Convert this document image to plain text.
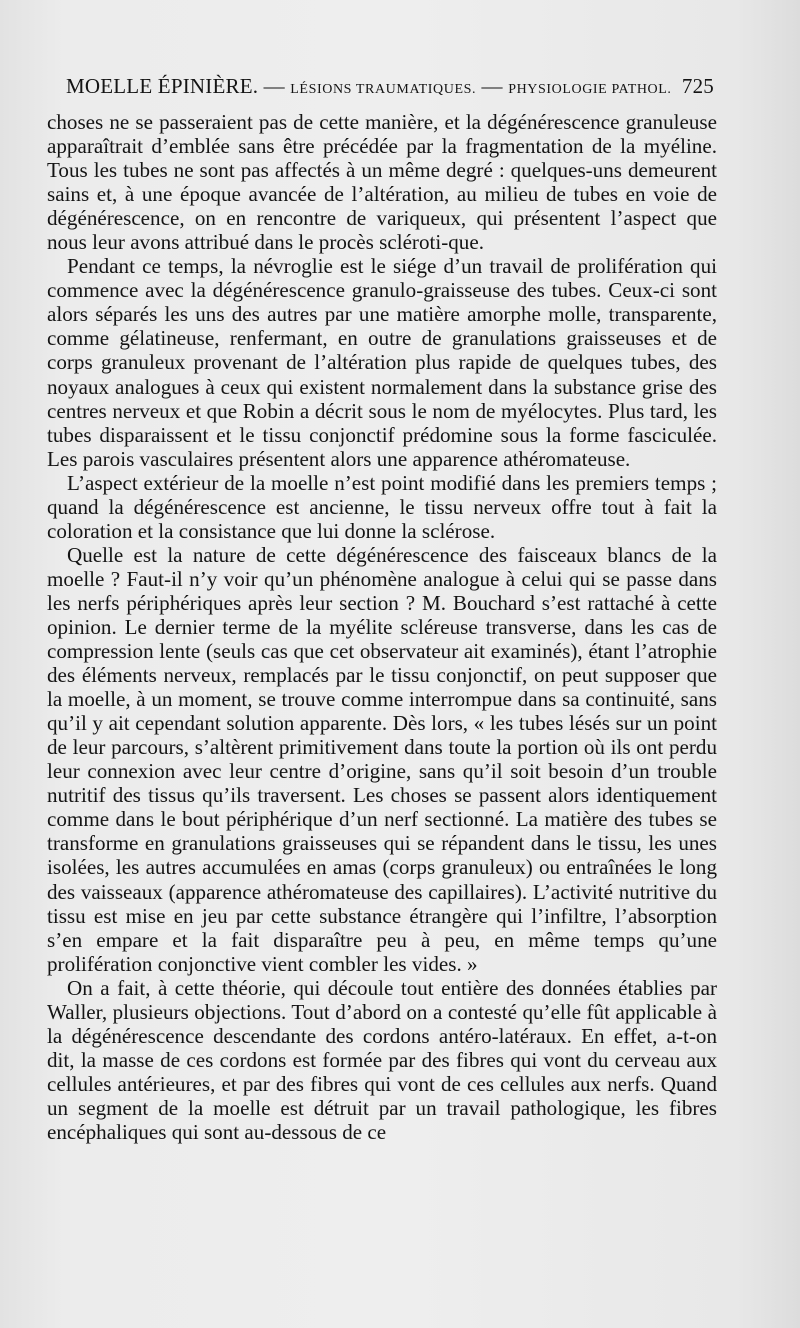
MOELLE ÉPINIÈRE. — LÉSIONS TRAUMATIQUES. — PHYSIOLOGIE PATHOL. 725

choses ne se passeraient pas de cette manière, et la dégénérescence granuleuse apparaîtrait d’emblée sans être précédée par la fragmentation de la myéline. Tous les tubes ne sont pas affectés à un même degré : quelques-uns demeurent sains et, à une époque avancée de l’altération, au milieu de tubes en voie de dégénérescence, on en rencontre de variqueux, qui présentent l’aspect que nous leur avons attribué dans le procès scléroti-que.

Pendant ce temps, la névroglie est le siége d’un travail de prolifération qui commence avec la dégénérescence granulo-graisseuse des tubes. Ceux-ci sont alors séparés les uns des autres par une matière amorphe molle, transparente, comme gélatineuse, renfermant, en outre de granulations graisseuses et de corps granuleux provenant de l’altération plus rapide de quelques tubes, des noyaux analogues à ceux qui existent normalement dans la substance grise des centres nerveux et que Robin a décrit sous le nom de myélocytes. Plus tard, les tubes disparaissent et le tissu conjonctif prédomine sous la forme fasciculée. Les parois vasculaires présentent alors une apparence athéromateuse.

L’aspect extérieur de la moelle n’est point modifié dans les premiers temps ; quand la dégénérescence est ancienne, le tissu nerveux offre tout à fait la coloration et la consistance que lui donne la sclérose.

Quelle est la nature de cette dégénérescence des faisceaux blancs de la moelle ? Faut-il n’y voir qu’un phénomène analogue à celui qui se passe dans les nerfs périphériques après leur section ? M. Bouchard s’est rattaché à cette opinion. Le dernier terme de la myélite scléreuse transverse, dans les cas de compression lente (seuls cas que cet observateur ait examinés), étant l’atrophie des éléments nerveux, remplacés par le tissu conjonctif, on peut supposer que la moelle, à un moment, se trouve comme interrompue dans sa continuité, sans qu’il y ait cependant solution apparente. Dès lors, « les tubes lésés sur un point de leur parcours, s’altèrent primitivement dans toute la portion où ils ont perdu leur connexion avec leur centre d’origine, sans qu’il soit besoin d’un trouble nutritif des tissus qu’ils traversent. Les choses se passent alors identiquement comme dans le bout périphérique d’un nerf sectionné. La matière des tubes se transforme en granulations graisseuses qui se répandent dans le tissu, les unes isolées, les autres accumulées en amas (corps granuleux) ou entraînées le long des vaisseaux (apparence athéromateuse des capillaires). L’activité nutritive du tissu est mise en jeu par cette substance étrangère qui l’infiltre, l’absorption s’en empare et la fait disparaître peu à peu, en même temps qu’une prolifération conjonctive vient combler les vides. »

On a fait, à cette théorie, qui découle tout entière des données établies par Waller, plusieurs objections. Tout d’abord on a contesté qu’elle fût applicable à la dégénérescence descendante des cordons antéro-latéraux. En effet, a-t-on dit, la masse de ces cordons est formée par des fibres qui vont du cerveau aux cellules antérieures, et par des fibres qui vont de ces cellules aux nerfs. Quand un segment de la moelle est détruit par un travail pathologique, les fibres encéphaliques qui sont au-dessous de ce
